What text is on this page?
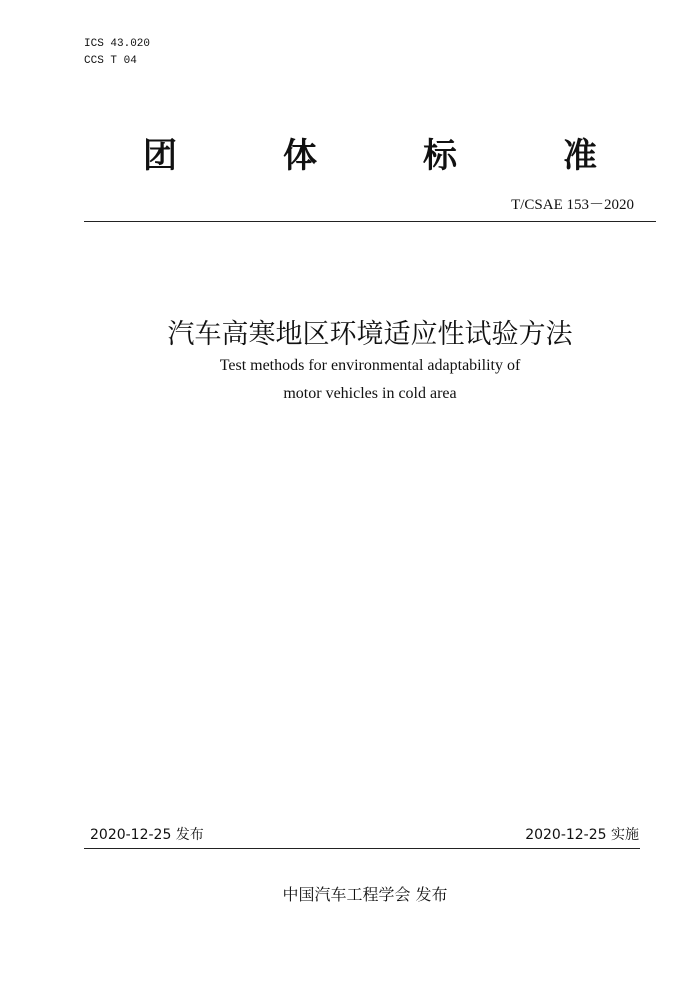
ICS 43.020
CCS T 04
团	体	标	准
T/CSAE 153－2020
汽车高寒地区环境适应性试验方法
Test methods for environmental adaptability of
motor vehicles in cold area
2020-12-25 发布	2020-12-25 实施
中国汽车工程学会 发布
